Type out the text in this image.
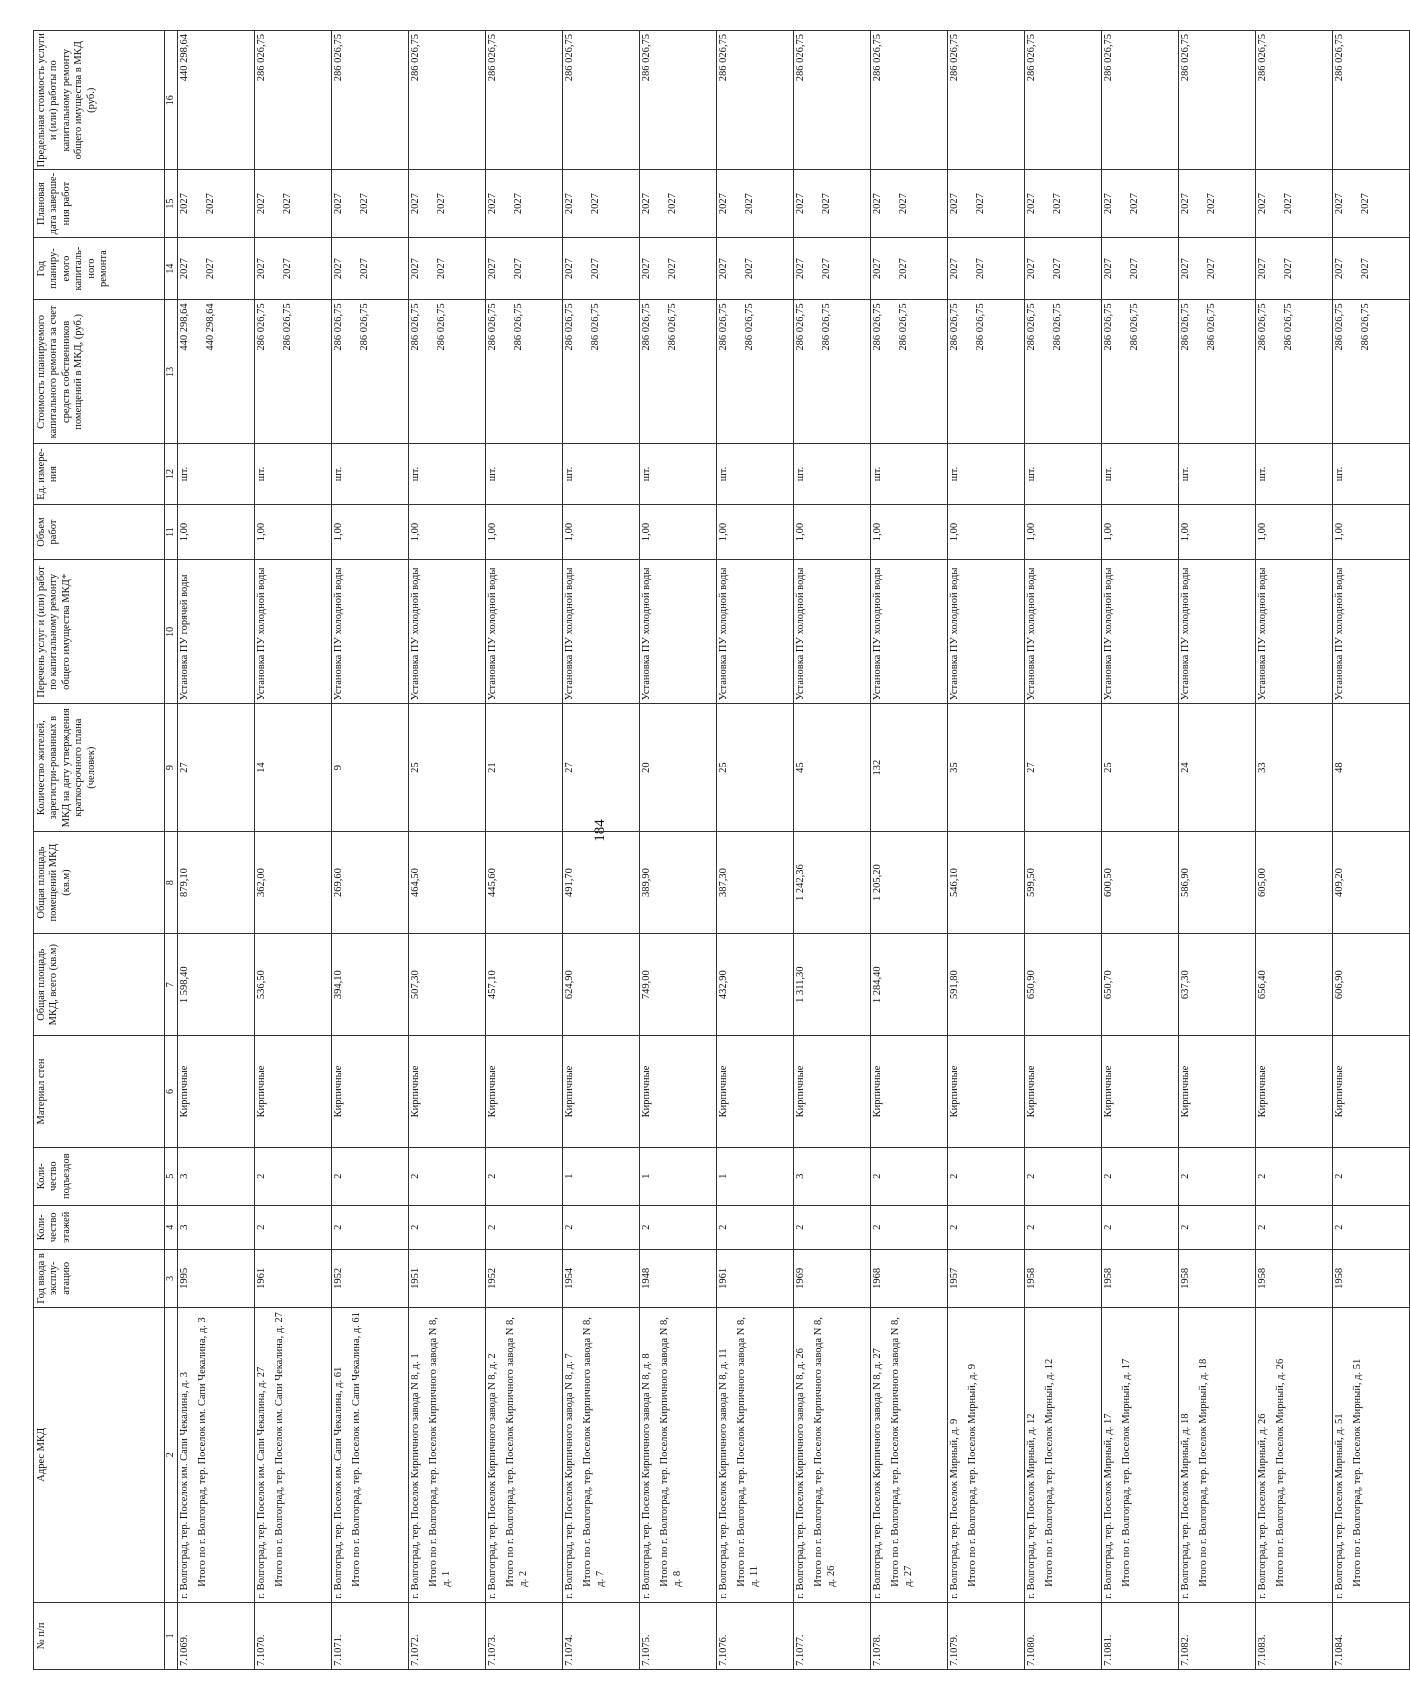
184
№ п/п	Адрес МКД	Год ввода в эксплу-атацию	Коли-чество этажей	Коли-чество подъездов	Материал стен	Общая площадь МКД, всего (кв.м)	Общая площадь помещений МКД (кв.м)	Количество жителей, зарегистри-рованных в МКД на дату утверждения краткосрочного плана (человек)	Перечень услуг и (или) работ по капитальному ремонту общего имущества МКД*	Объем работ	Ед. измере-ния	Стоимость планируемого капитального ремонта за счет средств собственников помещений в МКД, (руб.)	Год планиру-емого капиталь-ного ремонта	Плановая дата заверше-ния работ	Предельная стоимость услуги и (или) работы по капитальному ремонту общего имущества в МКД (руб.)
1	2	3	4	5	6	7	8	9	10	11	12	13	14	15	16
7.1069.	г. Волгоград, тер. Поселок им. Сапи Чекалина, д. 3 Итого по г. Волгоград, тер. Поселок им. Сапи Чекалина, д. 3	1995	3	3	Кирпичные	1 598,40	879,10	27	Установка ПУ горячей воды	1,00	шт.	440 298,64 440 298,64	2027 2027	2027 2027	440 298,64
7.1070.	г. Волгоград, тер. Поселок им. Сапи Чекалина, д. 27 Итого по г. Волгоград, тер. Поселок им. Сапи Чекалина, д. 27	1961	2	2	Кирпичные	536,50	362,00	14	Установка ПУ холодной воды	1,00	шт.	286 026,75 286 026,75	2027 2027	2027 2027	286 026,75
7.1071.	г. Волгоград, тер. Поселок им. Сапи Чекалина, д. 61 Итого по г. Волгоград, тер. Поселок им. Сапи Чекалина, д. 61	1952	2	2	Кирпичные	394,10	269,60	9	Установка ПУ холодной воды	1,00	шт.	286 026,75 286 026,75	2027 2027	2027 2027	286 026,75
7.1072.	г. Волгоград, тер. Поселок Кирпичного завода N 8, д. 1 Итого по г. Волгоград, тер. Поселок Кирпичного завода N 8, д. 1	1951	2	2	Кирпичные	507,30	464,50	25	Установка ПУ холодной воды	1,00	шт.	286 026,75 286 026,75	2027 2027	2027 2027	286 026,75
7.1073.	г. Волгоград, тер. Поселок Кирпичного завода N 8, д. 2 Итого по г. Волгоград, тер. Поселок Кирпичного завода N 8, д. 2	1952	2	2	Кирпичные	457,10	445,60	21	Установка ПУ холодной воды	1,00	шт.	286 026,75 286 026,75	2027 2027	2027 2027	286 026,75
7.1074.	г. Волгоград, тер. Поселок Кирпичного завода N 8, д. 7 Итого по г. Волгоград, тер. Поселок Кирпичного завода N 8, д. 7	1954	2	1	Кирпичные	624,90	491,70	27	Установка ПУ холодной воды	1,00	шт.	286 026,75 286 026,75	2027 2027	2027 2027	286 026,75
7.1075.	г. Волгоград, тер. Поселок Кирпичного завода N 8, д. 8 Итого по г. Волгоград, тер. Поселок Кирпичного завода N 8, д. 8	1948	2	1	Кирпичные	749,00	389,90	20	Установка ПУ холодной воды	1,00	шт.	286 026,75 286 026,75	2027 2027	2027 2027	286 026,75
7.1076.	г. Волгоград, тер. Поселок Кирпичного завода N 8, д. 11 Итого по г. Волгоград, тер. Поселок Кирпичного завода N 8, д. 11	1961	2	1	Кирпичные	432,90	387,30	25	Установка ПУ холодной воды	1,00	шт.	286 026,75 286 026,75	2027 2027	2027 2027	286 026,75
7.1077.	г. Волгоград, тер. Поселок Кирпичного завода N 8, д. 26 Итого по г. Волгоград, тер. Поселок Кирпичного завода N 8, д. 26	1969	2	3	Кирпичные	1 311,30	1 242,36	45	Установка ПУ холодной воды	1,00	шт.	286 026,75 286 026,75	2027 2027	2027 2027	286 026,75
7.1078.	г. Волгоград, тер. Поселок Кирпичного завода N 8, д. 27 Итого по г. Волгоград, тер. Поселок Кирпичного завода N 8, д. 27	1968	2	2	Кирпичные	1 284,40	1 205,20	132	Установка ПУ холодной воды	1,00	шт.	286 026,75 286 026,75	2027 2027	2027 2027	286 026,75
7.1079.	г. Волгоград, тер. Поселок Мирный, д. 9 Итого по г. Волгоград, тер. Поселок Мирный, д. 9	1957	2	2	Кирпичные	591,80	546,10	35	Установка ПУ холодной воды	1,00	шт.	286 026,75 286 026,75	2027 2027	2027 2027	286 026,75
7.1080.	г. Волгоград, тер. Поселок Мирный, д. 12 Итого по г. Волгоград, тер. Поселок Мирный, д. 12	1958	2	2	Кирпичные	650,90	599,50	27	Установка ПУ холодной воды	1,00	шт.	286 026,75 286 026,75	2027 2027	2027 2027	286 026,75
7.1081.	г. Волгоград, тер. Поселок Мирный, д. 17 Итого по г. Волгоград, тер. Поселок Мирный, д. 17	1958	2	2	Кирпичные	650,70	600,50	25	Установка ПУ холодной воды	1,00	шт.	286 026,75 286 026,75	2027 2027	2027 2027	286 026,75
7.1082.	г. Волгоград, тер. Поселок Мирный, д. 18 Итого по г. Волгоград, тер. Поселок Мирный, д. 18	1958	2	2	Кирпичные	637,30	586,90	24	Установка ПУ холодной воды	1,00	шт.	286 026,75 286 026,75	2027 2027	2027 2027	286 026,75
7.1083.	г. Волгоград, тер. Поселок Мирный, д. 26 Итого по г. Волгоград, тер. Поселок Мирный, д. 26	1958	2	2	Кирпичные	656,40	605,00	33	Установка ПУ холодной воды	1,00	шт.	286 026,75 286 026,75	2027 2027	2027 2027	286 026,75
7.1084.	г. Волгоград, тер. Поселок Мирный, д. 51 Итого по г. Волгоград, тер. Поселок Мирный, д. 51	1958	2	2	Кирпичные	606,90	409,20	48	Установка ПУ холодной воды	1,00	шт.	286 026,75 286 026,75	2027 2027	2027 2027	286 026,75
